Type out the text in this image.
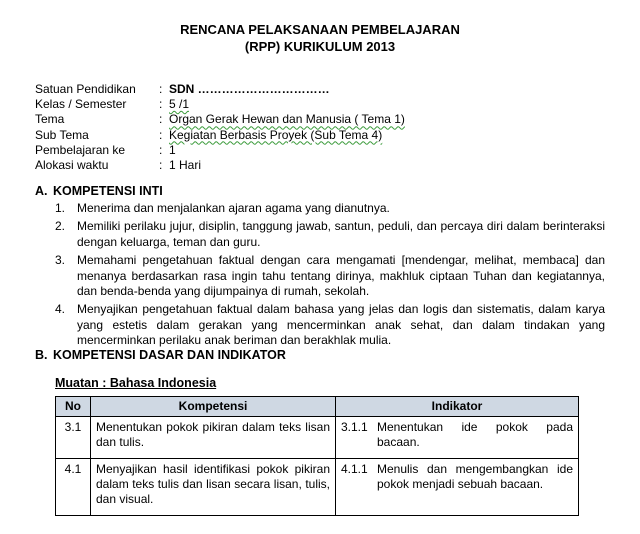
RENCANA PELAKSANAAN PEMBELAJARAN
(RPP) KURIKULUM 2013
Satuan Pendidikan	: SDN ……………………………
Kelas / Semester	: 5 /1
Tema	: Organ Gerak Hewan dan Manusia ( Tema 1)
Sub Tema	: Kegiatan Berbasis Proyek (Sub Tema 4)
Pembelajaran ke	: 1
Alokasi waktu	: 1 Hari
A. KOMPETENSI INTI
1. Menerima dan menjalankan ajaran agama yang dianutnya.
2. Memiliki perilaku jujur, disiplin, tanggung jawab, santun, peduli, dan percaya diri dalam berinteraksi dengan keluarga, teman dan guru.
3. Memahami pengetahuan faktual dengan cara mengamati [mendengar, melihat, membaca] dan menanya berdasarkan rasa ingin tahu tentang dirinya, makhluk ciptaan Tuhan dan kegiatannya, dan benda-benda yang dijumpainya di rumah, sekolah.
4. Menyajikan pengetahuan faktual dalam bahasa yang jelas dan logis dan sistematis, dalam karya yang estetis dalam gerakan yang mencerminkan anak sehat, dan dalam tindakan yang mencerminkan perilaku anak beriman dan berakhlak mulia.
B. KOMPETENSI DASAR DAN INDIKATOR
Muatan : Bahasa Indonesia
No	Kompetensi	Indikator
3.1	Menentukan pokok pikiran dalam teks lisan dan tulis.	3.1.1 Menentukan ide pokok pada bacaan.

4.1	Menyajikan hasil identifikasi pokok pikiran dalam teks tulis dan lisan secara lisan, tulis, dan visual.	4.1.1 Menulis dan mengembangkan ide pokok menjadi sebuah bacaan.
